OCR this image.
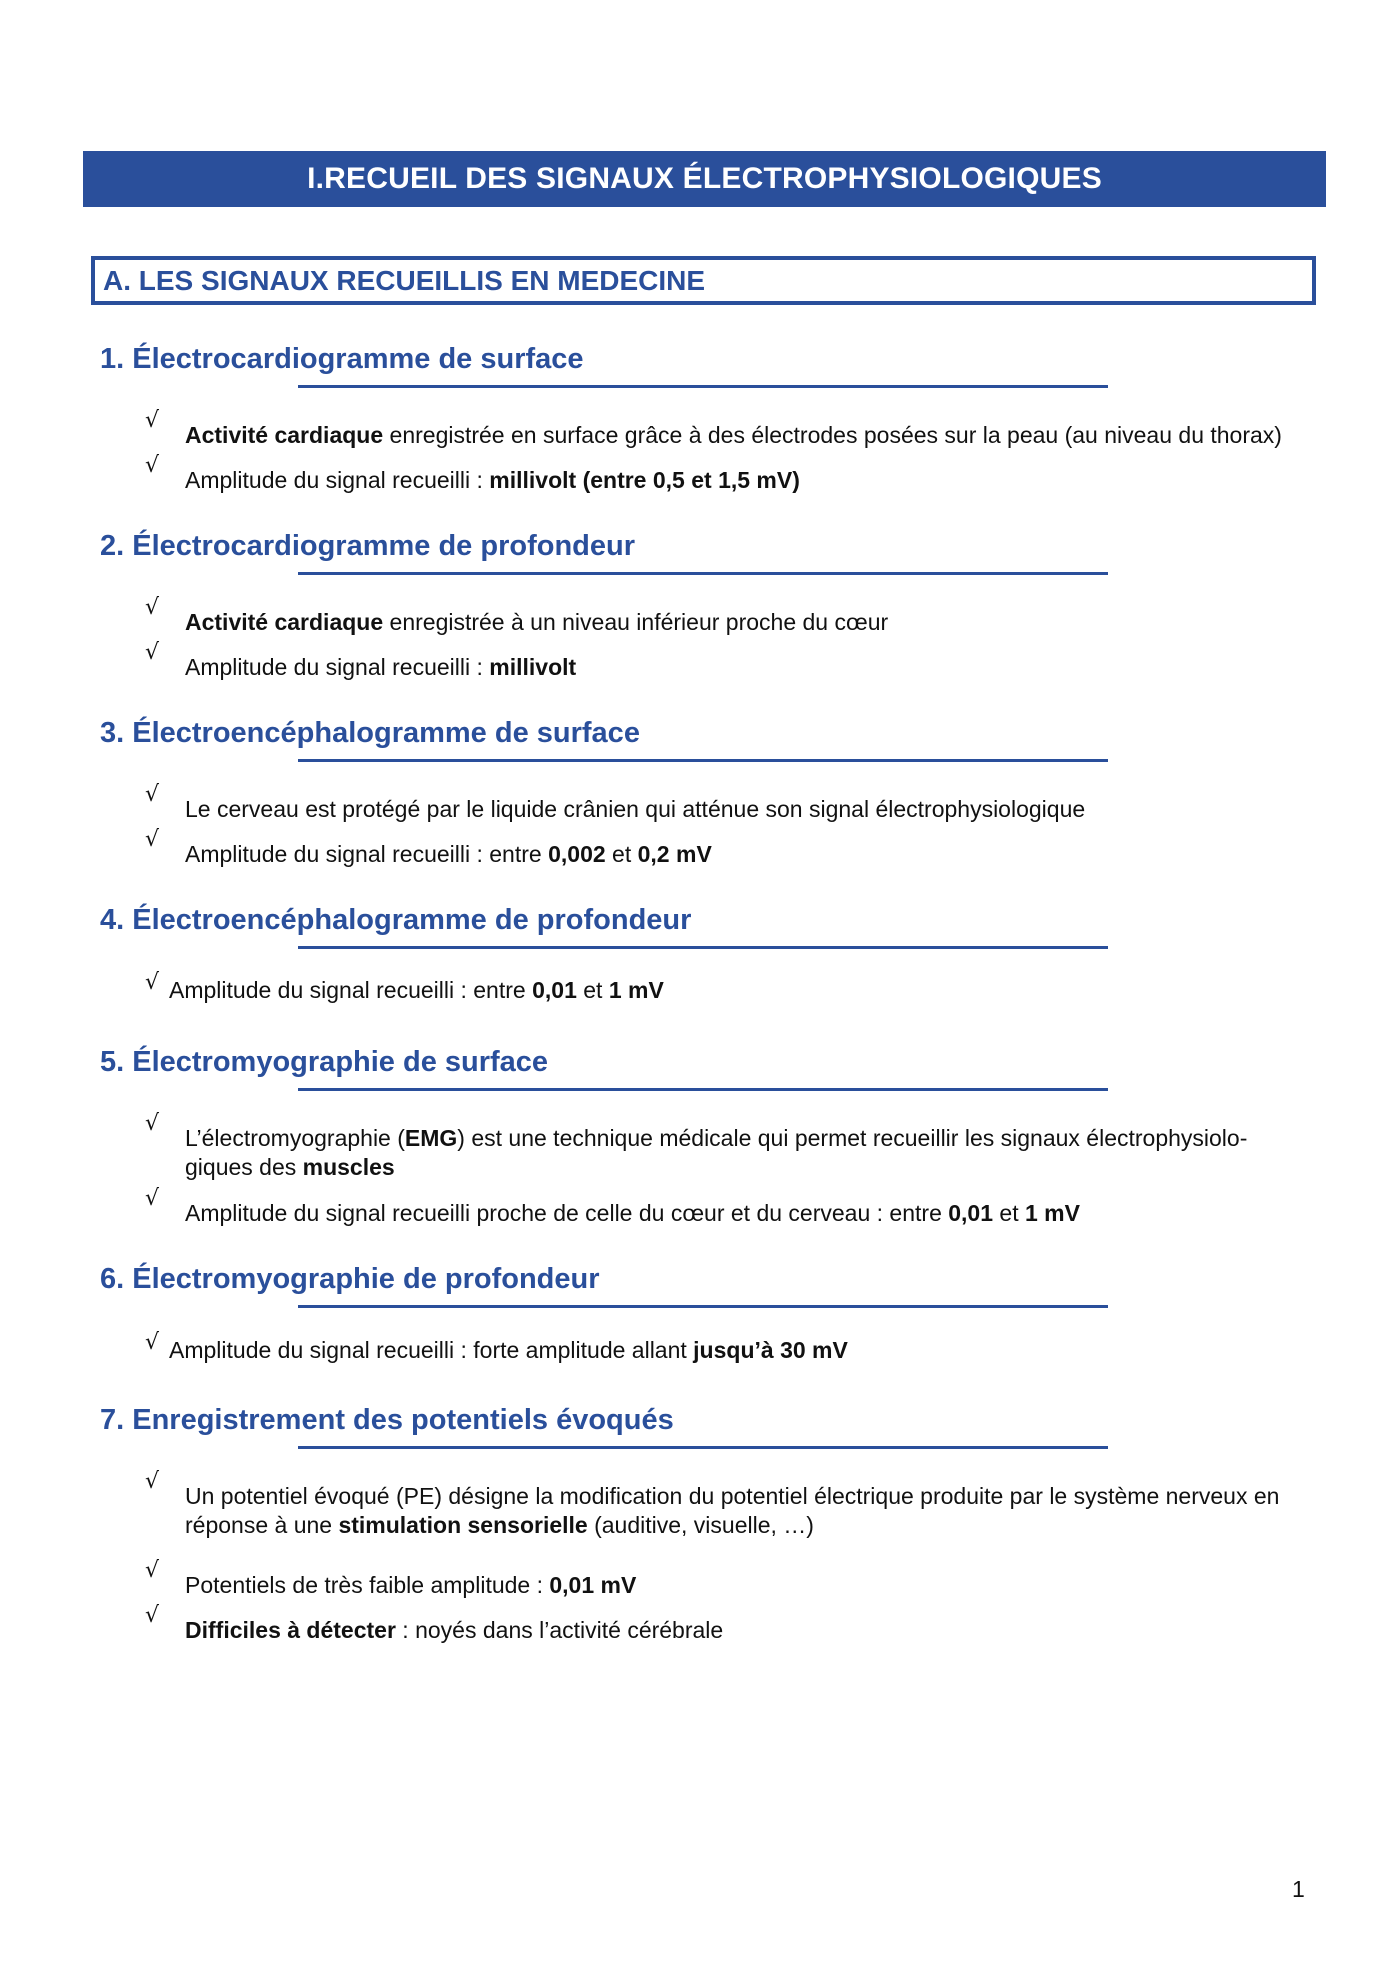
I.RECUEIL DES SIGNAUX ÉLECTROPHYSIOLOGIQUES
A. LES SIGNAUX RECUEILLIS EN MEDECINE
1. Électrocardiogramme de surface
√
Activité cardiaque enregistrée en surface grâce à des électrodes posées sur la peau (au niveau du thorax)
√
Amplitude du signal recueilli : millivolt (entre 0,5 et 1,5 mV)
2. Électrocardiogramme de profondeur
√
Activité cardiaque enregistrée à un niveau inférieur proche du cœur
√
Amplitude du signal recueilli : millivolt
3. Électroencéphalogramme de surface
√
Le cerveau est protégé par le liquide crânien qui atténue son signal électrophysiologique
√
Amplitude du signal recueilli : entre 0,002 et 0,2 mV
4. Électroencéphalogramme de profondeur
√ Amplitude du signal recueilli : entre 0,01 et 1 mV
5. Électromyographie de surface
√
L’électromyographie (EMG) est une technique médicale qui permet recueillir les signaux électrophysiolo-giques des muscles
√
Amplitude du signal recueilli proche de celle du cœur et du cerveau : entre 0,01 et 1 mV
6. Électromyographie de profondeur
√ Amplitude du signal recueilli : forte amplitude allant jusqu’à 30 mV
7. Enregistrement des potentiels évoqués
√
Un potentiel évoqué (PE) désigne la modification du potentiel électrique produite par le système nerveux en réponse à une stimulation sensorielle (auditive, visuelle, …)
√
Potentiels de très faible amplitude : 0,01 mV
√
Difficiles à détecter : noyés dans l’activité cérébrale
1
